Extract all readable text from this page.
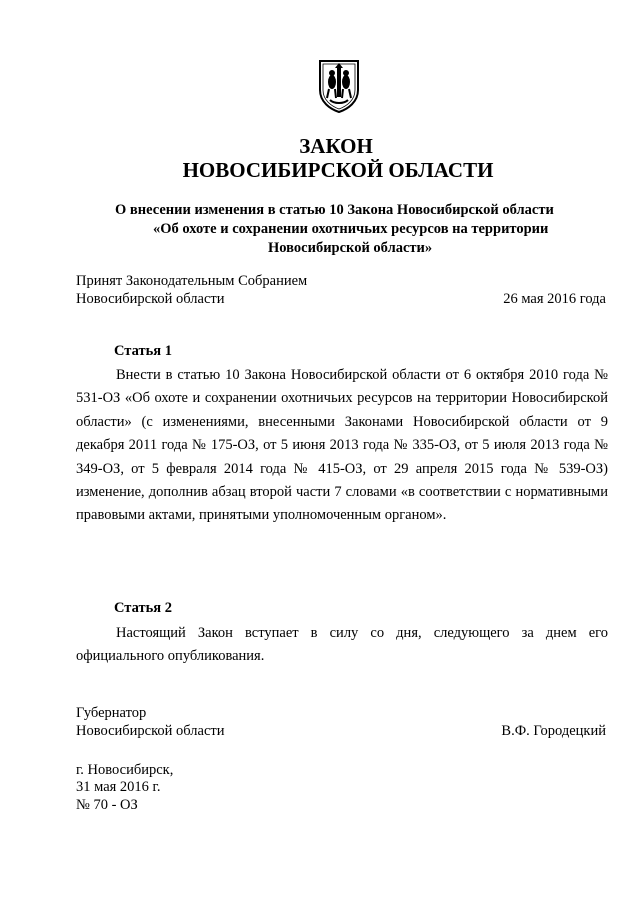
ЗАКОН
НОВОСИБИРСКОЙ ОБЛАСТИ
О внесении изменения в статью 10 Закона Новосибирской области
«Об охоте и сохранении охотничьих ресурсов на территории
Новосибирской области»
Принят Законодательным Собранием
Новосибирской области	26 мая 2016 года
Статья 1
Внести в статью 10 Закона Новосибирской области от 6 октября 2010 года № 531-ОЗ «Об охоте и сохранении охотничьих ресурсов на территории Новосибирской области» (с изменениями, внесенными Законами Новосибирской области от 9 декабря 2011 года № 175-ОЗ, от 5 июня 2013 года № 335-ОЗ, от 5 июля 2013 года № 349-ОЗ, от 5 февраля 2014 года № 415-ОЗ, от 29 апреля 2015 года № 539-ОЗ) изменение, дополнив абзац второй части 7 словами «в соответствии с нормативными правовыми актами, принятыми уполномоченным органом».
Статья 2
Настоящий Закон вступает в силу со дня, следующего за днем его официального опубликования.
Губернатор
Новосибирской области	В.Ф. Городецкий
г. Новосибирск,
31 мая 2016 г.
№ 70 - ОЗ
